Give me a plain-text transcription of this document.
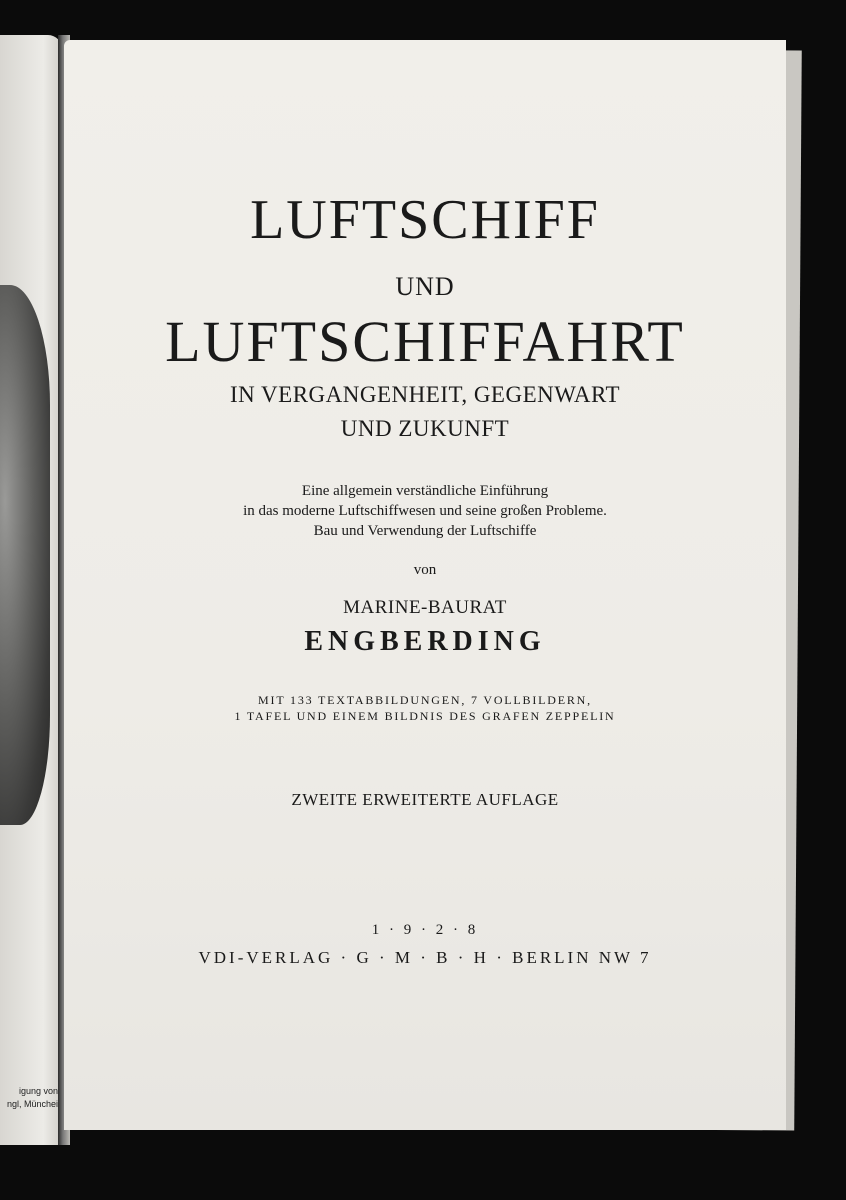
igung von
ngl, Münchei
LUFTSCHIFF
UND
LUFTSCHIFFAHRT
IN VERGANGENHEIT, GEGENWART
UND ZUKUNFT
Eine allgemein verständliche Einführung
in das moderne Luftschiffwesen und seine großen Probleme.
Bau und Verwendung der Luftschiffe
von
MARINE-BAURAT
ENGBERDING
MIT 133 TEXTABBILDUNGEN, 7 VOLLBILDERN,
1 TAFEL UND EINEM BILDNIS DES GRAFEN ZEPPELIN
ZWEITE ERWEITERTE AUFLAGE
1 · 9 · 2 · 8
VDI-VERLAG · G · M · B · H · BERLIN NW 7
